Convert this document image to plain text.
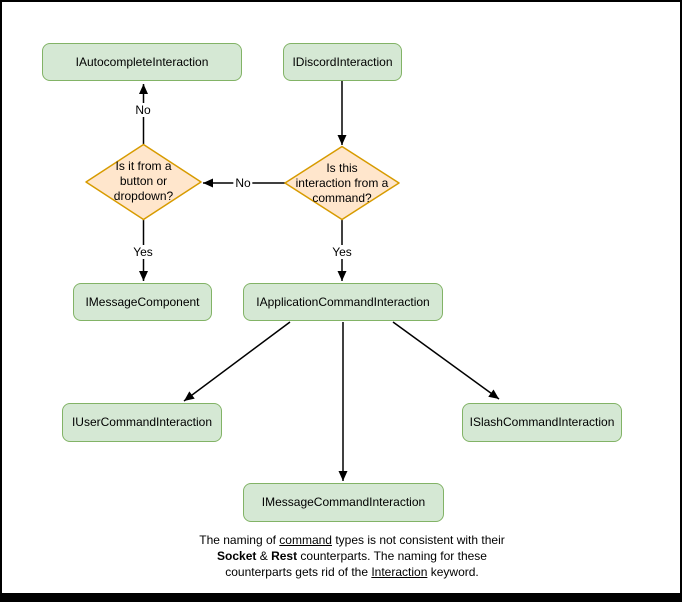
IAutocompleteInteraction	IDiscordInteraction
IMessageComponent	IApplicationCommandInteraction
IUserCommandInteraction	ISlashCommandInteraction
IMessageCommandInteraction
Is it from a
button or
dropdown?
Is this
interaction from a
command?
No
No
Yes	Yes
The naming of command types is not consistent with their
Socket & Rest counterparts. The naming for these
counterparts gets rid of the Interaction keyword.
